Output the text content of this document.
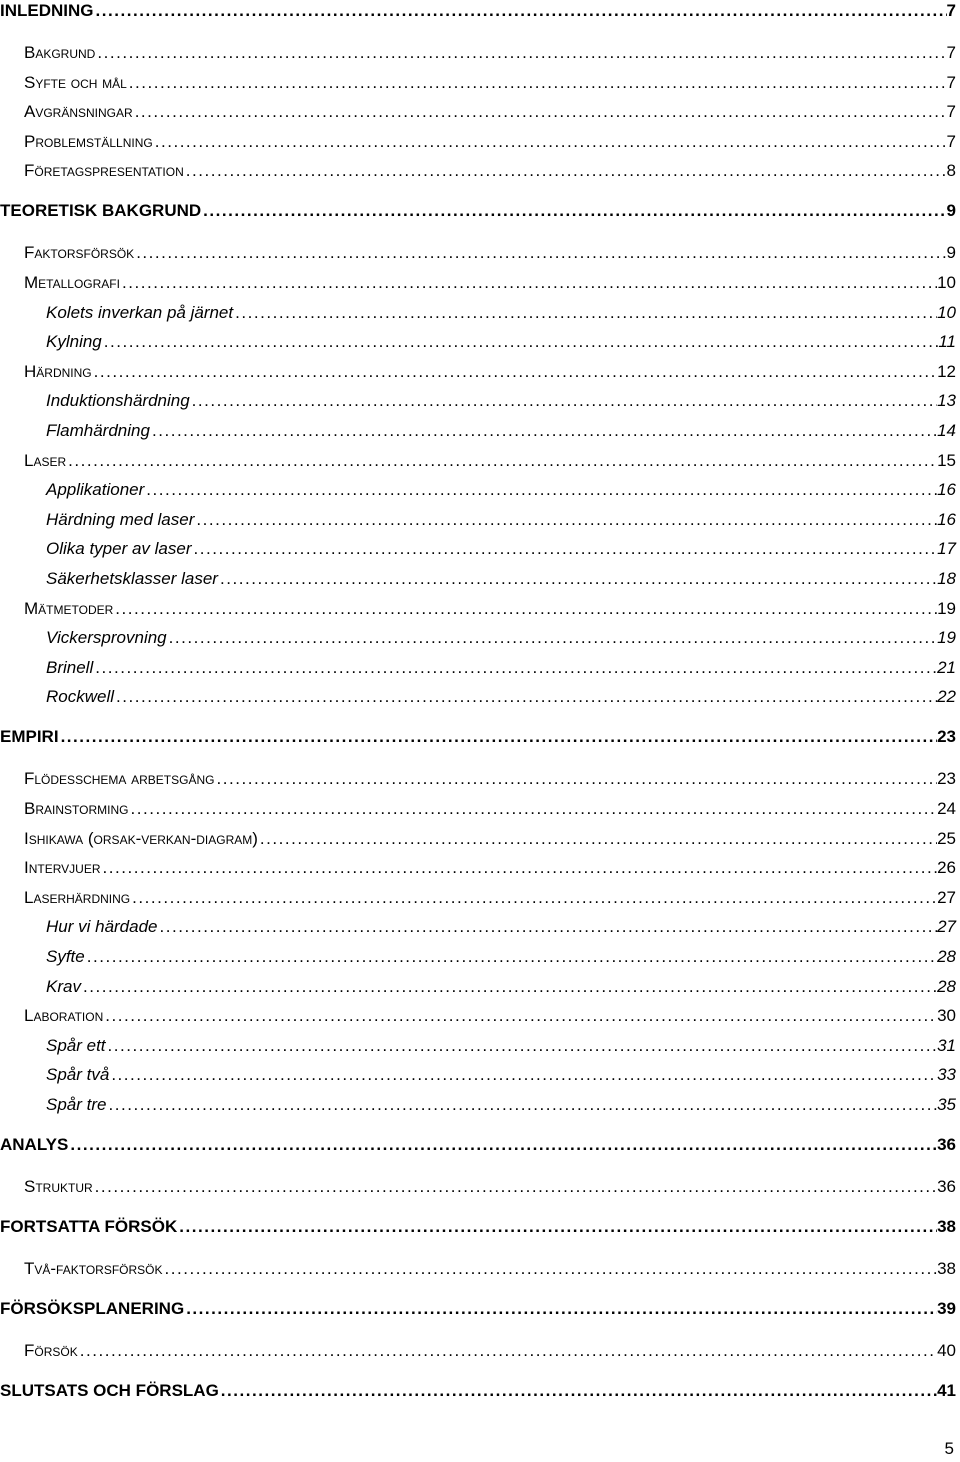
INLEDNING . . .	7
Bakgrund . . .	7
Syfte och mål . . .	7
Avgränsningar . . .	7
Problemställning . . .	7
Företagspresentation . . .	8
TEORETISK BAKGRUND . . .	9
Faktorsförsök . . .	9
Metallografi . . .	10
Kolets inverkan på järnet . . .	10
Kylning . . .	11
Härdning . . .	12
Induktionshärdning . . .	13
Flamhärdning . . .	14
Laser . . .	15
Applikationer . . .	16
Härdning med laser . . .	16
Olika typer av laser . . .	17
Säkerhetsklasser laser . . .	18
Mätmetoder . . .	19
Vickersprovning . . .	19
Brinell . . .	21
Rockwell . . .	22
EMPIRI . . .	23
Flödesschema arbetsgång . . .	23
Brainstorming . . .	24
Ishikawa (orsak-verkan-diagram) . . .	25
Intervjuer . . .	26
Laserhärdning . . .	27
Hur vi härdade . . .	27
Syfte . . .	28
Krav . . .	28
Laboration . . .	30
Spår ett . . .	31
Spår två . . .	33
Spår tre . . .	35
ANALYS . . .	36
Struktur . . .	36
FORTSATTA FÖRSÖK . . .	38
Två-faktorsförsök . . .	38
FÖRSÖKSPLANERING . . .	39
Försök . . .	40
SLUTSATS OCH FÖRSLAG . . .	41
5
